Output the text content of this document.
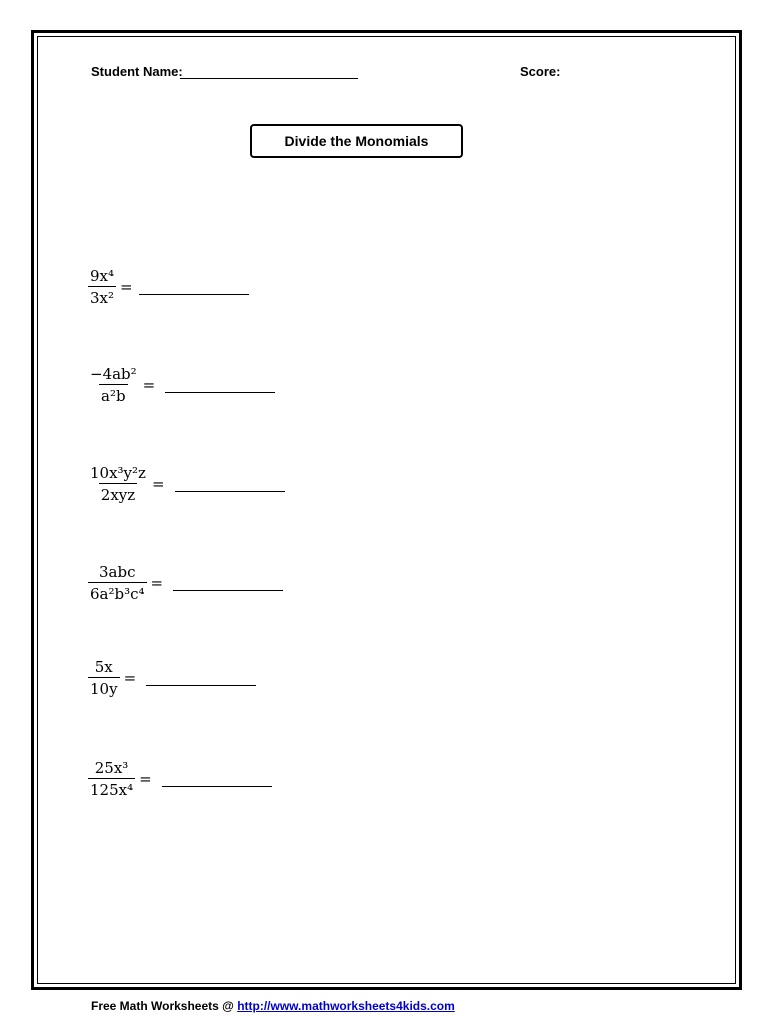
Student Name:	Score:
Divide the Monomials
$\frac{\text{9x⁴}}{\text{3x²}}$ =
$\frac{\text{−4ab²}}{\text{a²b}}$ =
$\frac{\text{10x³y²z}}{\text{2xyz}}$ =
$\frac{\text{3abc}}{\text{6a²b³c⁴}}$ =
$\frac{5x}{10y}$ =
$\frac{\text{25x³}}{\text{125x⁴}}$ =
Free Math Worksheets @ http://www.mathworksheets4kids.com
